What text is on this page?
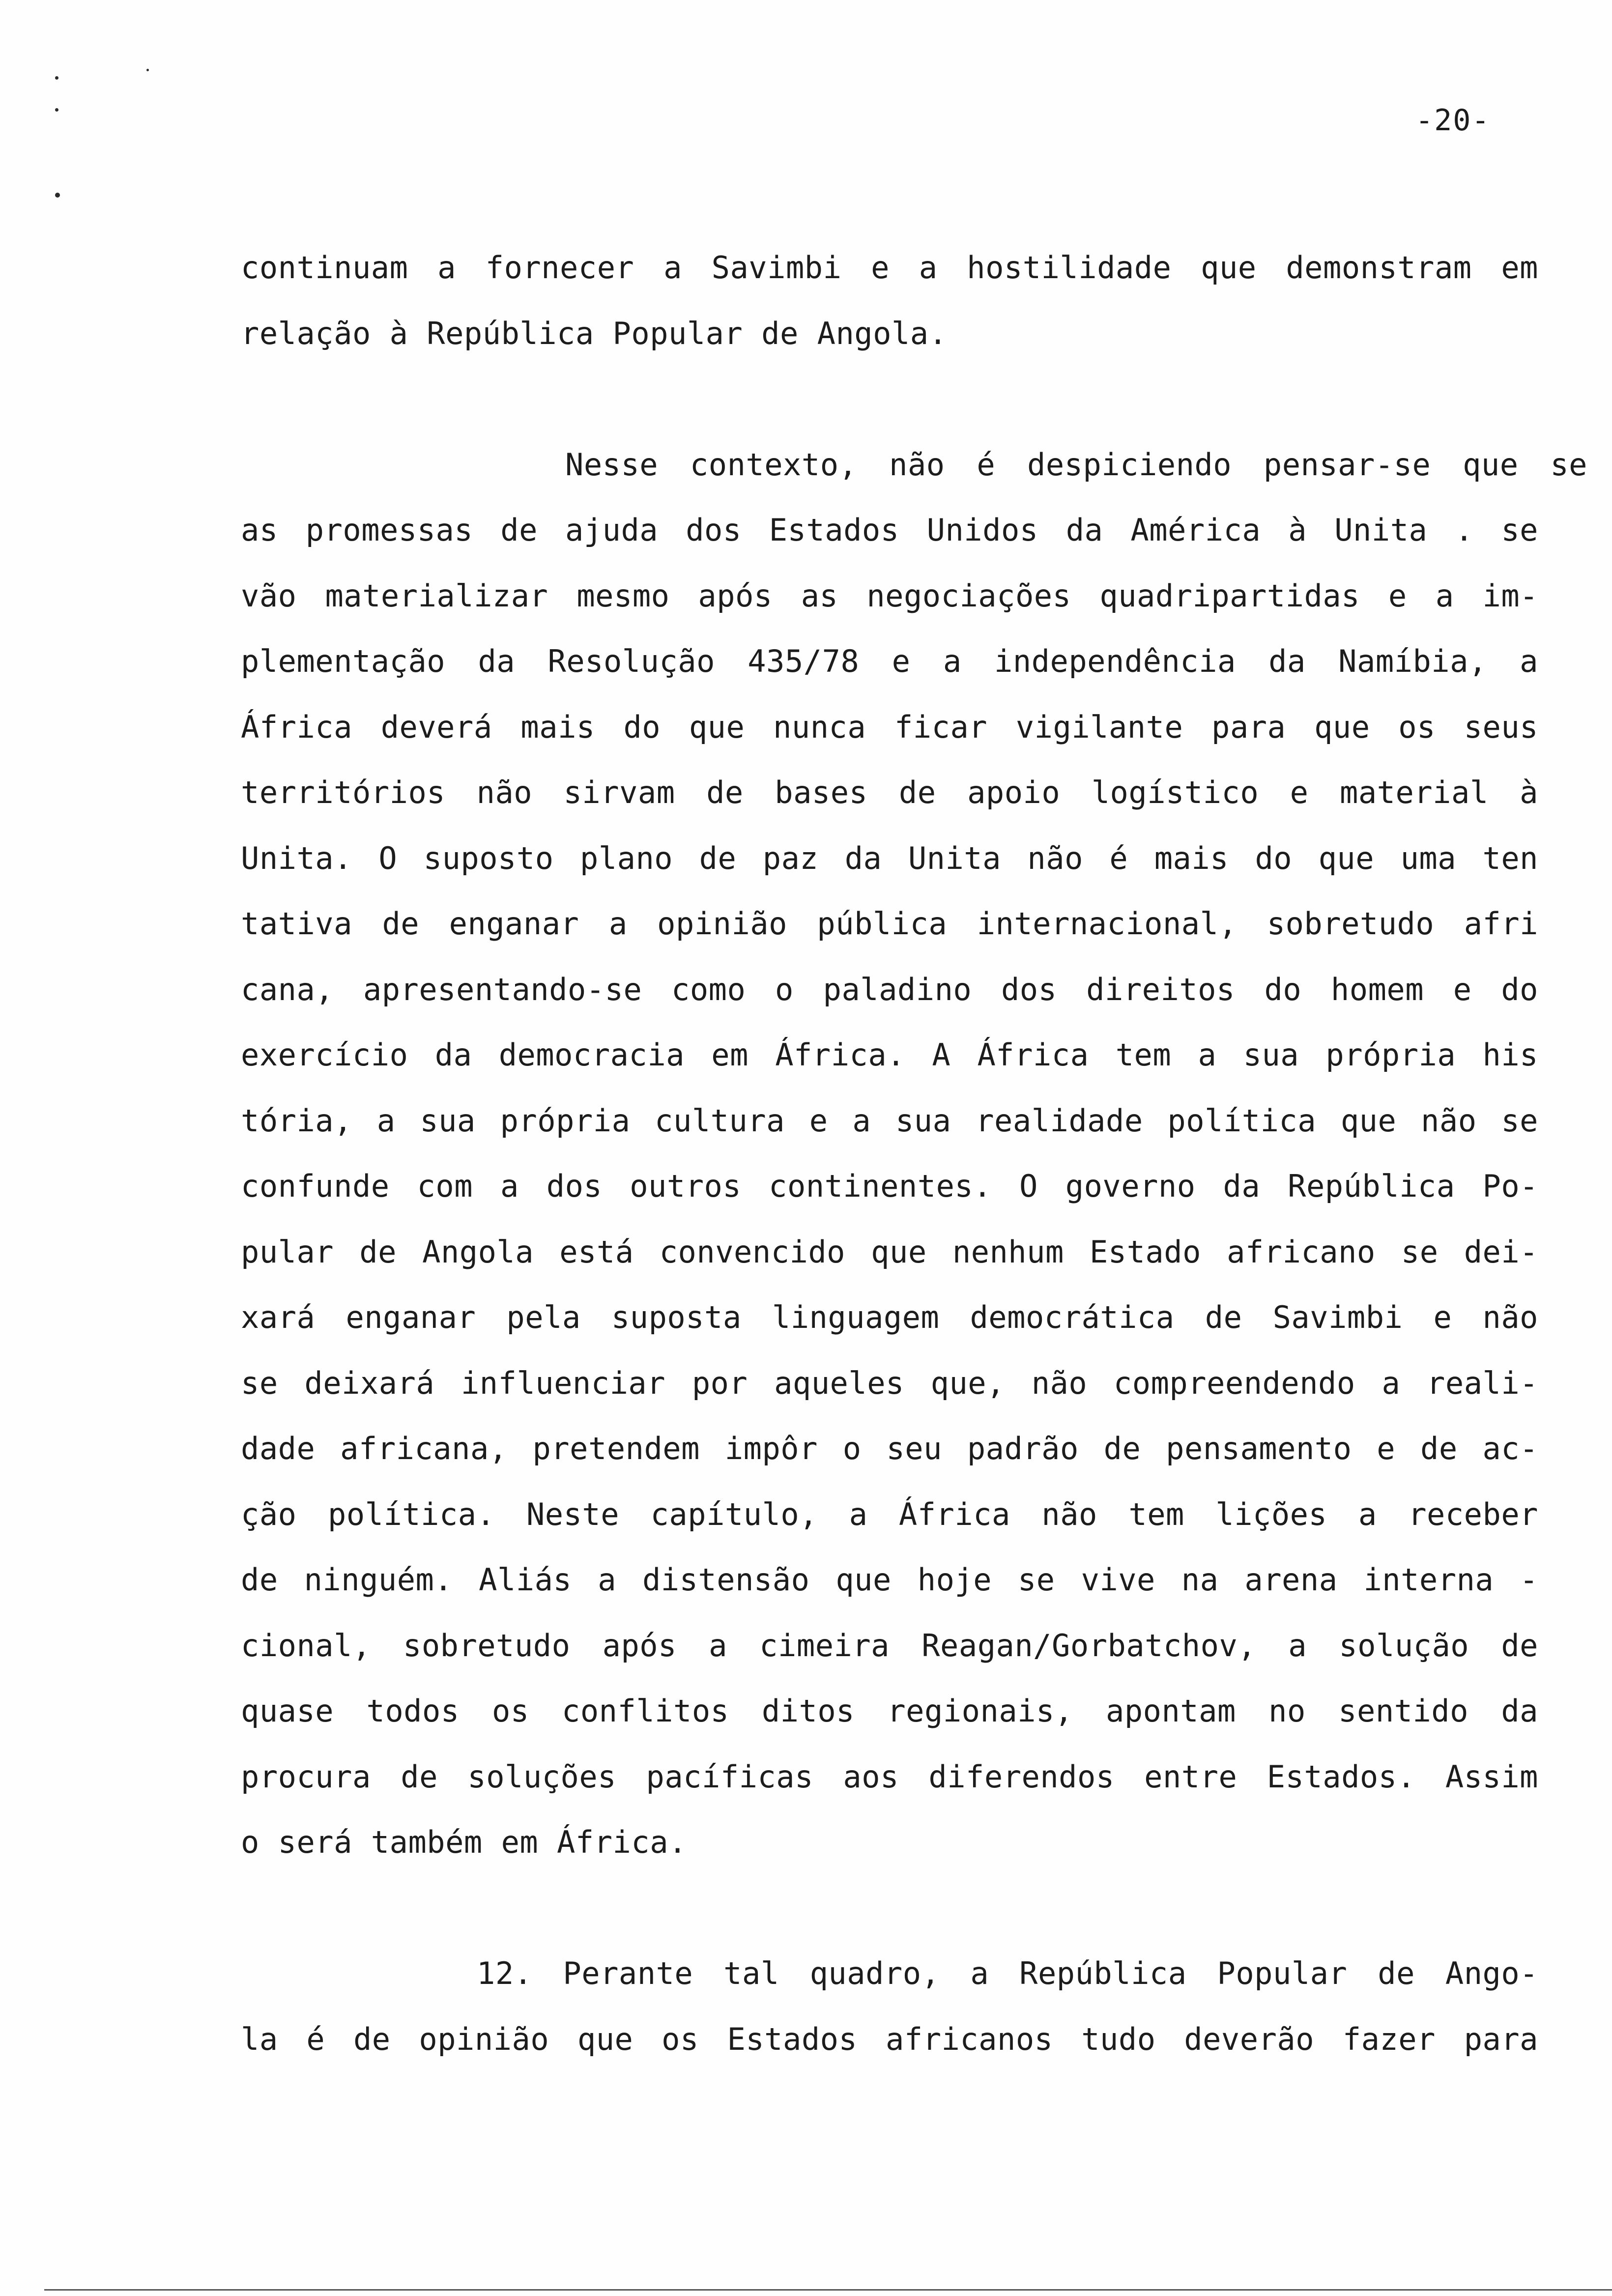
-20-
continuam a fornecer a Savimbi e a hostilidade que demonstram em
relação à República Popular de Angola.
Nesse contexto, não é despiciendo pensar-se que se
as promessas de ajuda dos Estados Unidos da América à Unita . se
vão materializar mesmo após as negociações quadripartidas e a im-
plementação da Resolução 435/78 e a independência da Namíbia, a
África deverá mais do que nunca ficar vigilante para que os seus
territórios não sirvam de bases de apoio logístico e material à
Unita. O suposto plano de paz da Unita não é mais do que uma ten
tativa de enganar a opinião pública internacional, sobretudo afri
cana, apresentando-se como o paladino dos direitos do homem e do
exercício da democracia em África. A África tem a sua própria his
tória, a sua própria cultura e a sua realidade política que não se
confunde com a dos outros continentes. O governo da República Po-
pular de Angola está convencido que nenhum Estado africano se dei-
xará enganar pela suposta linguagem democrática de Savimbi e não
se deixará influenciar por aqueles que, não compreendendo a reali-
dade africana, pretendem impôr o seu padrão de pensamento e de ac-
ção política. Neste capítulo, a África não tem lições a receber
de ninguém. Aliás a distensão que hoje se vive na arena interna -
cional, sobretudo após a cimeira Reagan/Gorbatchov, a solução de
quase todos os conflitos ditos regionais, apontam no sentido da
procura de soluções pacíficas aos diferendos entre Estados. Assim
o será também em África.
12. Perante tal quadro, a República Popular de Ango-
la é de opinião que os Estados africanos tudo deverão fazer para
